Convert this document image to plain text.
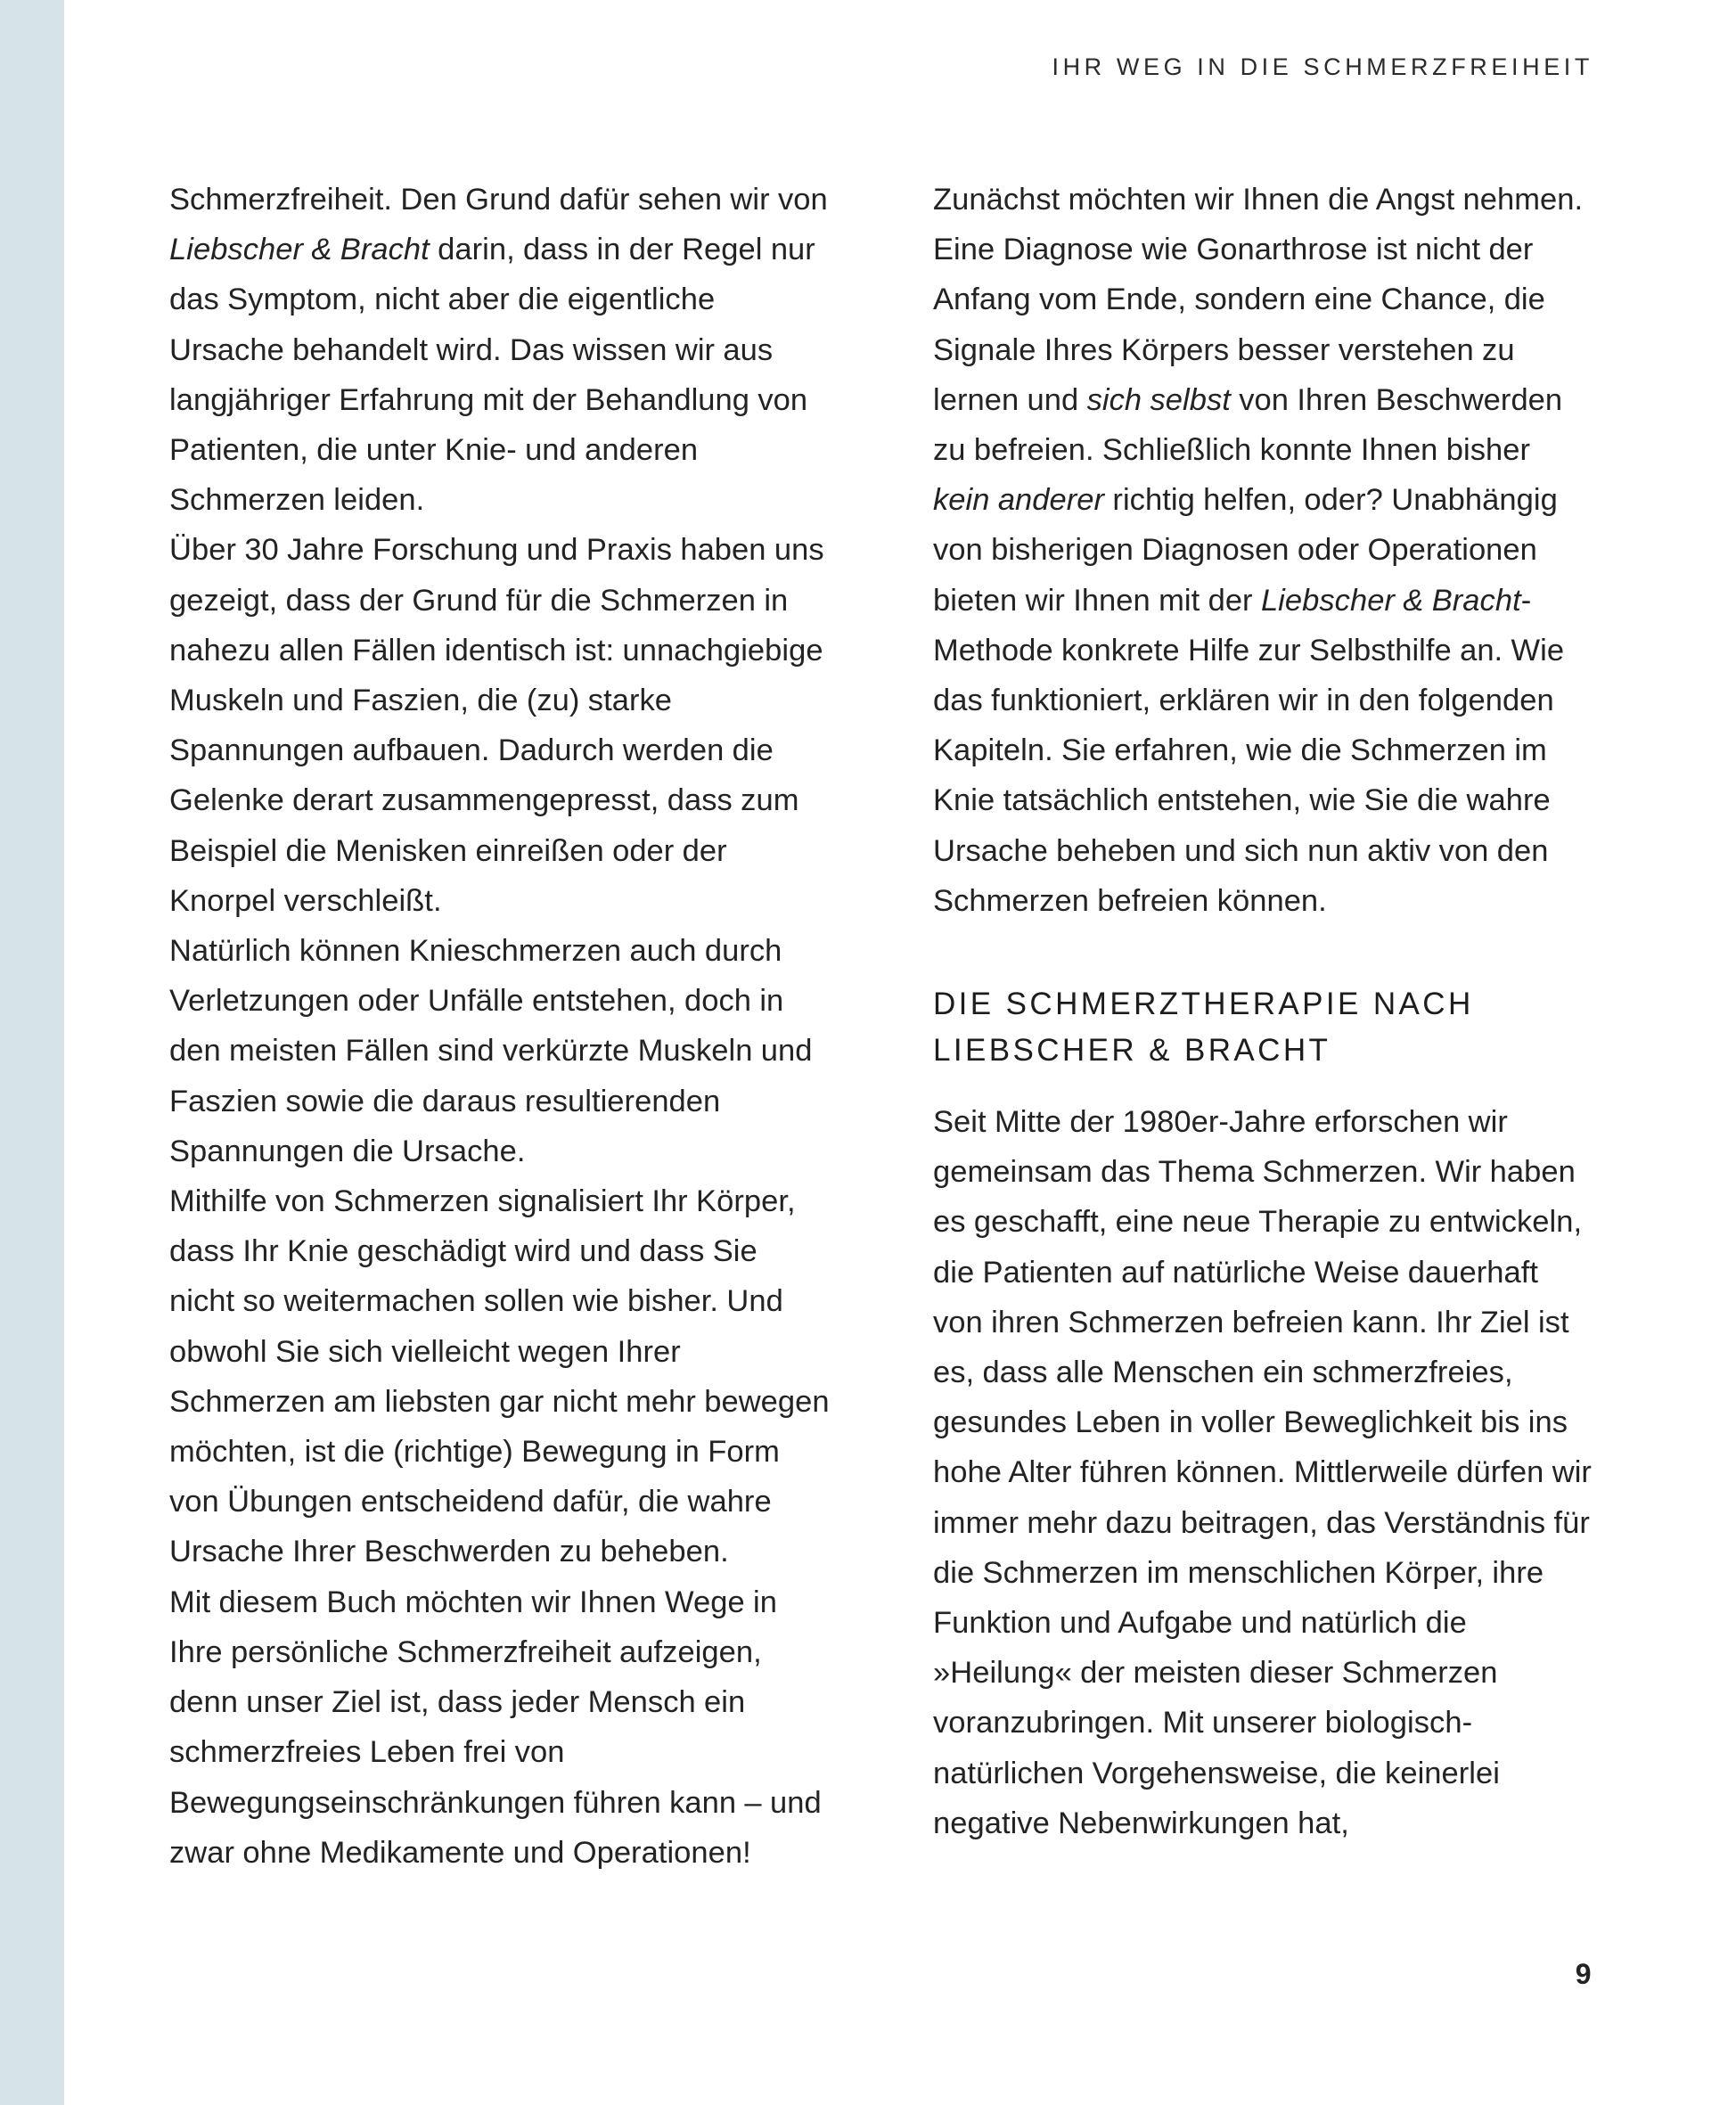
IHR WEG IN DIE SCHMERZFREIHEIT

Schmerzfreiheit. Den Grund dafür sehen wir von Liebscher & Bracht darin, dass in der Regel nur das Symptom, nicht aber die eigentliche Ursache behandelt wird. Das wissen wir aus langjähriger Erfahrung mit der Behandlung von Patienten, die unter Knie- und anderen Schmerzen leiden.

Über 30 Jahre Forschung und Praxis haben uns gezeigt, dass der Grund für die Schmerzen in nahezu allen Fällen identisch ist: unnachgiebige Muskeln und Faszien, die (zu) starke Spannungen aufbauen. Dadurch werden die Gelenke derart zusammengepresst, dass zum Beispiel die Menisken einreißen oder der Knorpel verschleißt.

Natürlich können Knieschmerzen auch durch Verletzungen oder Unfälle entstehen, doch in den meisten Fällen sind verkürzte Muskeln und Faszien sowie die daraus resultierenden Spannungen die Ursache.

Mithilfe von Schmerzen signalisiert Ihr Körper, dass Ihr Knie geschädigt wird und dass Sie nicht so weitermachen sollen wie bisher. Und obwohl Sie sich vielleicht wegen Ihrer Schmerzen am liebsten gar nicht mehr bewegen möchten, ist die (richtige) Bewegung in Form von Übungen entscheidend dafür, die wahre Ursache Ihrer Beschwerden zu beheben.

Mit diesem Buch möchten wir Ihnen Wege in Ihre persönliche Schmerzfreiheit aufzeigen, denn unser Ziel ist, dass jeder Mensch ein schmerzfreies Leben frei von Bewegungseinschränkungen führen kann – und zwar ohne Medikamente und Operationen!

Zunächst möchten wir Ihnen die Angst nehmen. Eine Diagnose wie Gonarthrose ist nicht der Anfang vom Ende, sondern eine Chance, die Signale Ihres Körpers besser verstehen zu lernen und sich selbst von Ihren Beschwerden zu befreien. Schließlich konnte Ihnen bisher kein anderer richtig helfen, oder? Unabhängig von bisherigen Diagnosen oder Operationen bieten wir Ihnen mit der Liebscher & Bracht-Methode konkrete Hilfe zur Selbsthilfe an. Wie das funktioniert, erklären wir in den folgenden Kapiteln. Sie erfahren, wie die Schmerzen im Knie tatsächlich entstehen, wie Sie die wahre Ursache beheben und sich nun aktiv von den Schmerzen befreien können.

DIE SCHMERZTHERAPIE NACH LIEBSCHER & BRACHT

Seit Mitte der 1980er-Jahre erforschen wir gemeinsam das Thema Schmerzen. Wir haben es geschafft, eine neue Therapie zu entwickeln, die Patienten auf natürliche Weise dauerhaft von ihren Schmerzen befreien kann. Ihr Ziel ist es, dass alle Menschen ein schmerzfreies, gesundes Leben in voller Beweglichkeit bis ins hohe Alter führen können. Mittlerweile dürfen wir immer mehr dazu beitragen, das Verständnis für die Schmerzen im menschlichen Körper, ihre Funktion und Aufgabe und natürlich die »Heilung« der meisten dieser Schmerzen voranzubringen. Mit unserer biologisch-natürlichen Vorgehensweise, die keinerlei negative Nebenwirkungen hat,

9
